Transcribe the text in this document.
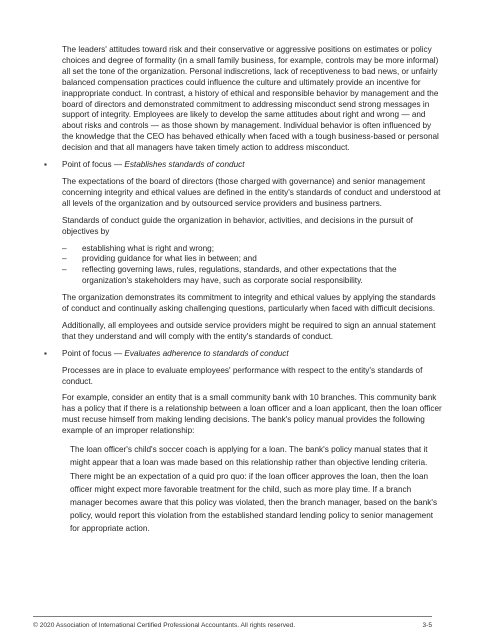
The leaders' attitudes toward risk and their conservative or aggressive positions on estimates or policy choices and degree of formality (in a small family business, for example, controls may be more informal) all set the tone of the organization. Personal indiscretions, lack of receptiveness to bad news, or unfairly balanced compensation practices could influence the culture and ultimately provide an incentive for inappropriate conduct. In contrast, a history of ethical and responsible behavior by management and the board of directors and demonstrated commitment to addressing misconduct send strong messages in support of integrity. Employees are likely to develop the same attitudes about right and wrong — and about risks and controls — as those shown by management. Individual behavior is often influenced by the knowledge that the CEO has behaved ethically when faced with a tough business-based or personal decision and that all managers have taken timely action to address misconduct.

▪ Point of focus — Establishes standards of conduct

The expectations of the board of directors (those charged with governance) and senior management concerning integrity and ethical values are defined in the entity's standards of conduct and understood at all levels of the organization and by outsourced service providers and business partners.

Standards of conduct guide the organization in behavior, activities, and decisions in the pursuit of objectives by

– establishing what is right and wrong;
– providing guidance for what lies in between; and
– reflecting governing laws, rules, regulations, standards, and other expectations that the organization's stakeholders may have, such as corporate social responsibility.

The organization demonstrates its commitment to integrity and ethical values by applying the standards of conduct and continually asking challenging questions, particularly when faced with difficult decisions.

Additionally, all employees and outside service providers might be required to sign an annual statement that they understand and will comply with the entity's standards of conduct.

▪ Point of focus — Evaluates adherence to standards of conduct

Processes are in place to evaluate employees' performance with respect to the entity's standards of conduct.

For example, consider an entity that is a small community bank with 10 branches. This community bank has a policy that if there is a relationship between a loan officer and a loan applicant, then the loan officer must recuse himself from making lending decisions. The bank's policy manual provides the following example of an improper relationship:

The loan officer's child's soccer coach is applying for a loan. The bank's policy manual states that it might appear that a loan was made based on this relationship rather than objective lending criteria. There might be an expectation of a quid pro quo: if the loan officer approves the loan, then the loan officer might expect more favorable treatment for the child, such as more play time. If a branch manager becomes aware that this policy was violated, then the branch manager, based on the bank's policy, would report this violation from the established standard lending policy to senior management for appropriate action.

© 2020 Association of International Certified Professional Accountants. All rights reserved.	3-5
